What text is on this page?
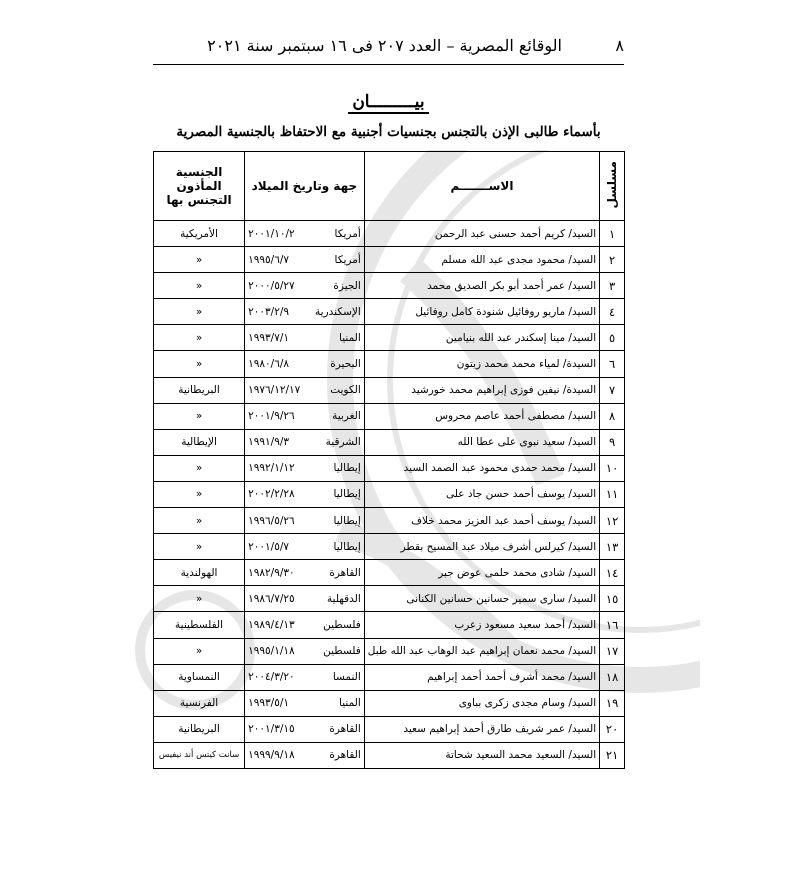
٨
الوقائع المصرية – العدد ٢٠٧ فى ١٦ سبتمبر سنة ٢٠٢١
بيـــــــــان
بأسماء طالبى الإذن بالتجنس بجنسيات أجنبية مع الاحتفاظ بالجنسية المصرية
مسلسل	الاســـــــم	جهة وتاريخ الميلاد		الجنسية المأذون التجنس بها
١	السيد/ كريم أحمد حسنى عبد الرحمن	أمريكا	٢٠٠١/١٠/٢	الأمريكية
٢	السيد/ محمود مجدى عبد الله مسلم	أمريكا	١٩٩٥/٦/٧	«
٣	السيد/ عمر أحمد أبو بكر الصديق محمد	الجيزة	٢٠٠٠/٥/٢٧	«
٤	السيد/ ماريو روفائيل شنودة كامل روفائيل	الإسكندرية	٢٠٠٣/٢/٩	«
٥	السيد/ مينا إسكندر عبد الله بنيامين	المنيا	١٩٩٣/٧/١	«
٦	السيدة/ لمياء محمد محمد زيتون	البحيرة	١٩٨٠/٦/٨	«
٧	السيدة/ نيفين فوزى إبراهيم محمد خورشيد	الكويت	١٩٧٦/١٢/١٧	البريطانية
٨	السيد/ مصطفى أحمد عاصم محروس	الغربية	٢٠٠١/٩/٢٦	«
٩	السيد/ سعيد نبوى على عطا الله	الشرقية	١٩٩١/٩/٣	الإيطالية
١٠	السيد/ محمد حمدى محمود عبد الصمد السيد	إيطاليا	١٩٩٢/١/١٢	«
١١	السيد/ يوسف أحمد حسن جاد على	إيطاليا	٢٠٠٢/٢/٢٨	«
١٢	السيد/ يوسف أحمد عبد العزيز محمد خلاف	إيطاليا	١٩٩٦/٥/٢٦	«
١٣	السيد/ كيرلس أشرف ميلاد عبد المسيح بقطر	إيطاليا	٢٠٠١/٥/٧	«
١٤	السيد/ شادى محمد حلمى عوض جبر	القاهرة	١٩٨٢/٩/٣٠	الهولندية
١٥	السيد/ سارى سمير حسانين حسانين الكنانى	الدقهلية	١٩٨٦/٧/٢٥	«
١٦	السيد/ أحمد سعيد مسعود زعرب	فلسطين	١٩٨٩/٤/١٣	الفلسطينية
١٧	السيد/ محمد نعمان إبراهيم عبد الوهاب عبد الله طبل	فلسطين	١٩٩٥/١/١٨	«
١٨	السيد/ محمد أشرف أحمد أحمد إبراهيم	النمسا	٢٠٠٤/٣/٢٠	النمساوية
١٩	السيد/ وسام مجدى زكرى بباوى	المنيا	١٩٩٣/٥/١	الفرنسية
٢٠	السيد/ عمر شريف طارق أحمد إبراهيم سعيد	القاهرة	٢٠٠١/٣/١٥	البريطانية
٢١	السيد/ السعيد محمد السعيد شحاتة	القاهرة	١٩٩٩/٩/١٨	سانت كيتس أند نيفيس
